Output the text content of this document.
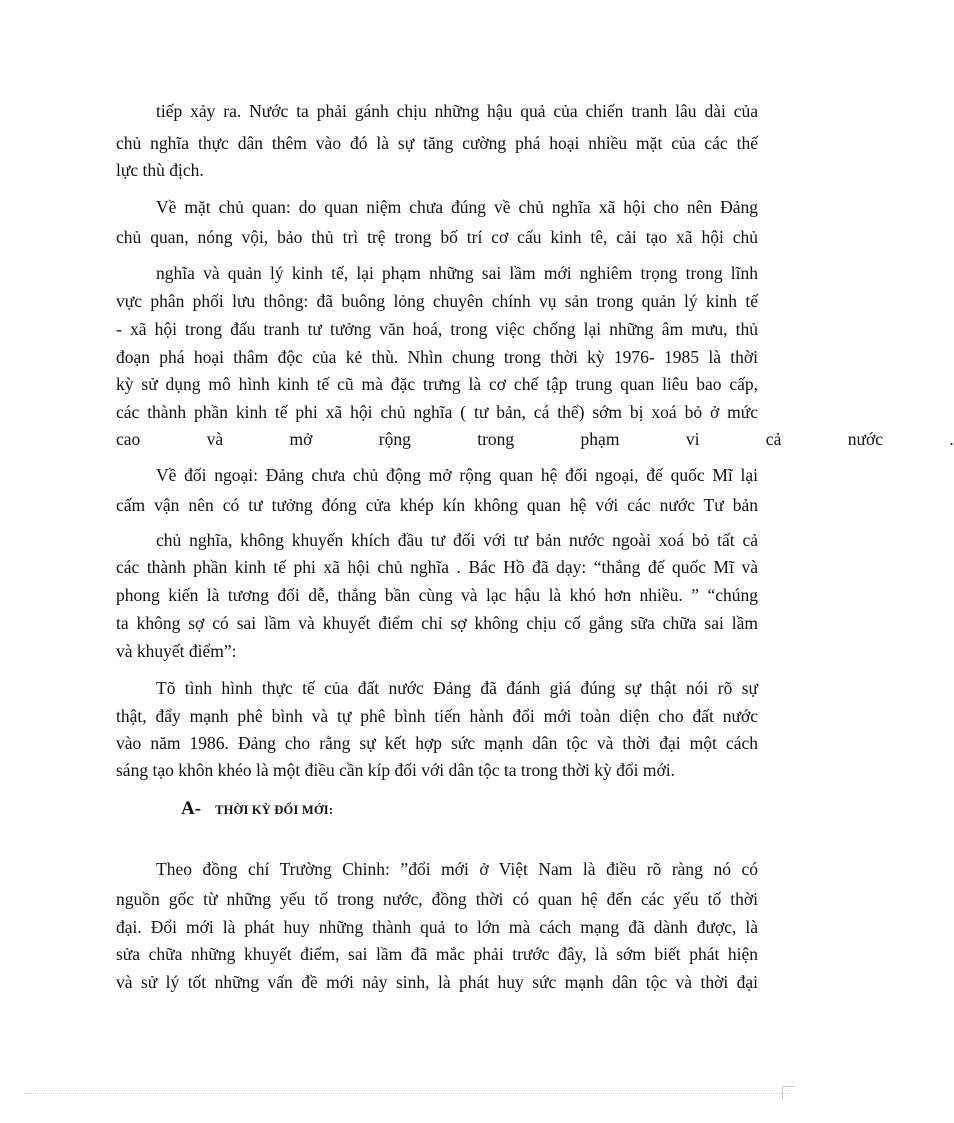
tiếp xảy ra. Nước ta phải gánh chịu những hậu quả của chiến tranh lâu dài của
chủ nghĩa thực dân thêm vào đó là sự tăng cường phá hoại nhiều mặt của các thế
lực thù địch.
Về mặt chủ quan: do quan niệm chưa đúng về chủ nghĩa xã hội cho nên Đảng
chủ quan, nóng vội, bảo thủ trì trệ trong bố trí cơ cấu kinh tê, cải tạo xã hội chủ
nghĩa và quản lý kinh tế, lại phạm những sai lầm mới nghiêm trọng trong lĩnh
vực phân phối lưu thông: đã buông lỏng chuyên chính vụ sản trong quản lý kinh tế
- xã hội trong đấu tranh tư tưởng văn hoá, trong việc chống lại những âm mưu, thủ
đoạn phá hoại thâm độc của kẻ thù. Nhìn chung trong thời kỳ 1976- 1985 là thời
kỳ sử dụng mô hình kinh tế cũ mà đặc trưng là cơ chế tập trung quan liêu bao cấp,
các thành phần kinh tế phi xã hội chủ nghĩa ( tư bản, cá thể) sớm bị xoá bỏ ở mức
cao và mở rộng trong phạm vi cả nước .
Về đối ngoại: Đảng chưa chủ động mở rộng quan hệ đối ngoại, đế quốc Mĩ lại
cấm vận nên có tư tưởng đóng cửa khép kín không quan hệ với các nước Tư bản
chủ nghĩa, không khuyến khích đầu tư đối với tư bản nước ngoài xoá bỏ tất cả
các thành phần kinh tế phi xã hội chủ nghĩa . Bác Hồ đã dạy: “thắng đế quốc Mĩ và
phong kiến là tương đối dễ, thắng bần cùng và lạc hậu là khó hơn nhiều. ” “chúng
ta không sợ có sai lầm và khuyết điểm chỉ sợ không chịu cố gắng sữa chữa sai lầm
và khuyết điểm”:
Tõ tình hình thực tế của đất nước Đảng đã đánh giá đúng sự thật nói rõ sự
thật, đẩy mạnh phê bình và tự phê bình tiến hành đổi mới toàn diện cho đất nước
vào năm 1986. Đảng cho rằng sự kết hợp sức mạnh dân tộc và thời đại một cách
sáng tạo khôn khéo là một điều cần kíp đối với dân tộc ta trong thời kỳ đổi mới.
A- THỜI KỲ ĐỔI MỚI:
Theo đồng chí Trường Chinh: ”đổi mới ở Việt Nam là điều rõ ràng nó có
nguồn gốc từ những yếu tố trong nước, đồng thời có quan hệ đến các yếu tố thời
đại. Đổi mới là phát huy những thành quả to lớn mà cách mạng đã dành được, là
sửa chữa những khuyết điểm, sai lầm đã mắc phải trước đây, là sớm biết phát hiện
và sử lý tốt những vấn đề mới nảy sinh, là phát huy sức mạnh dân tộc và thời đại
